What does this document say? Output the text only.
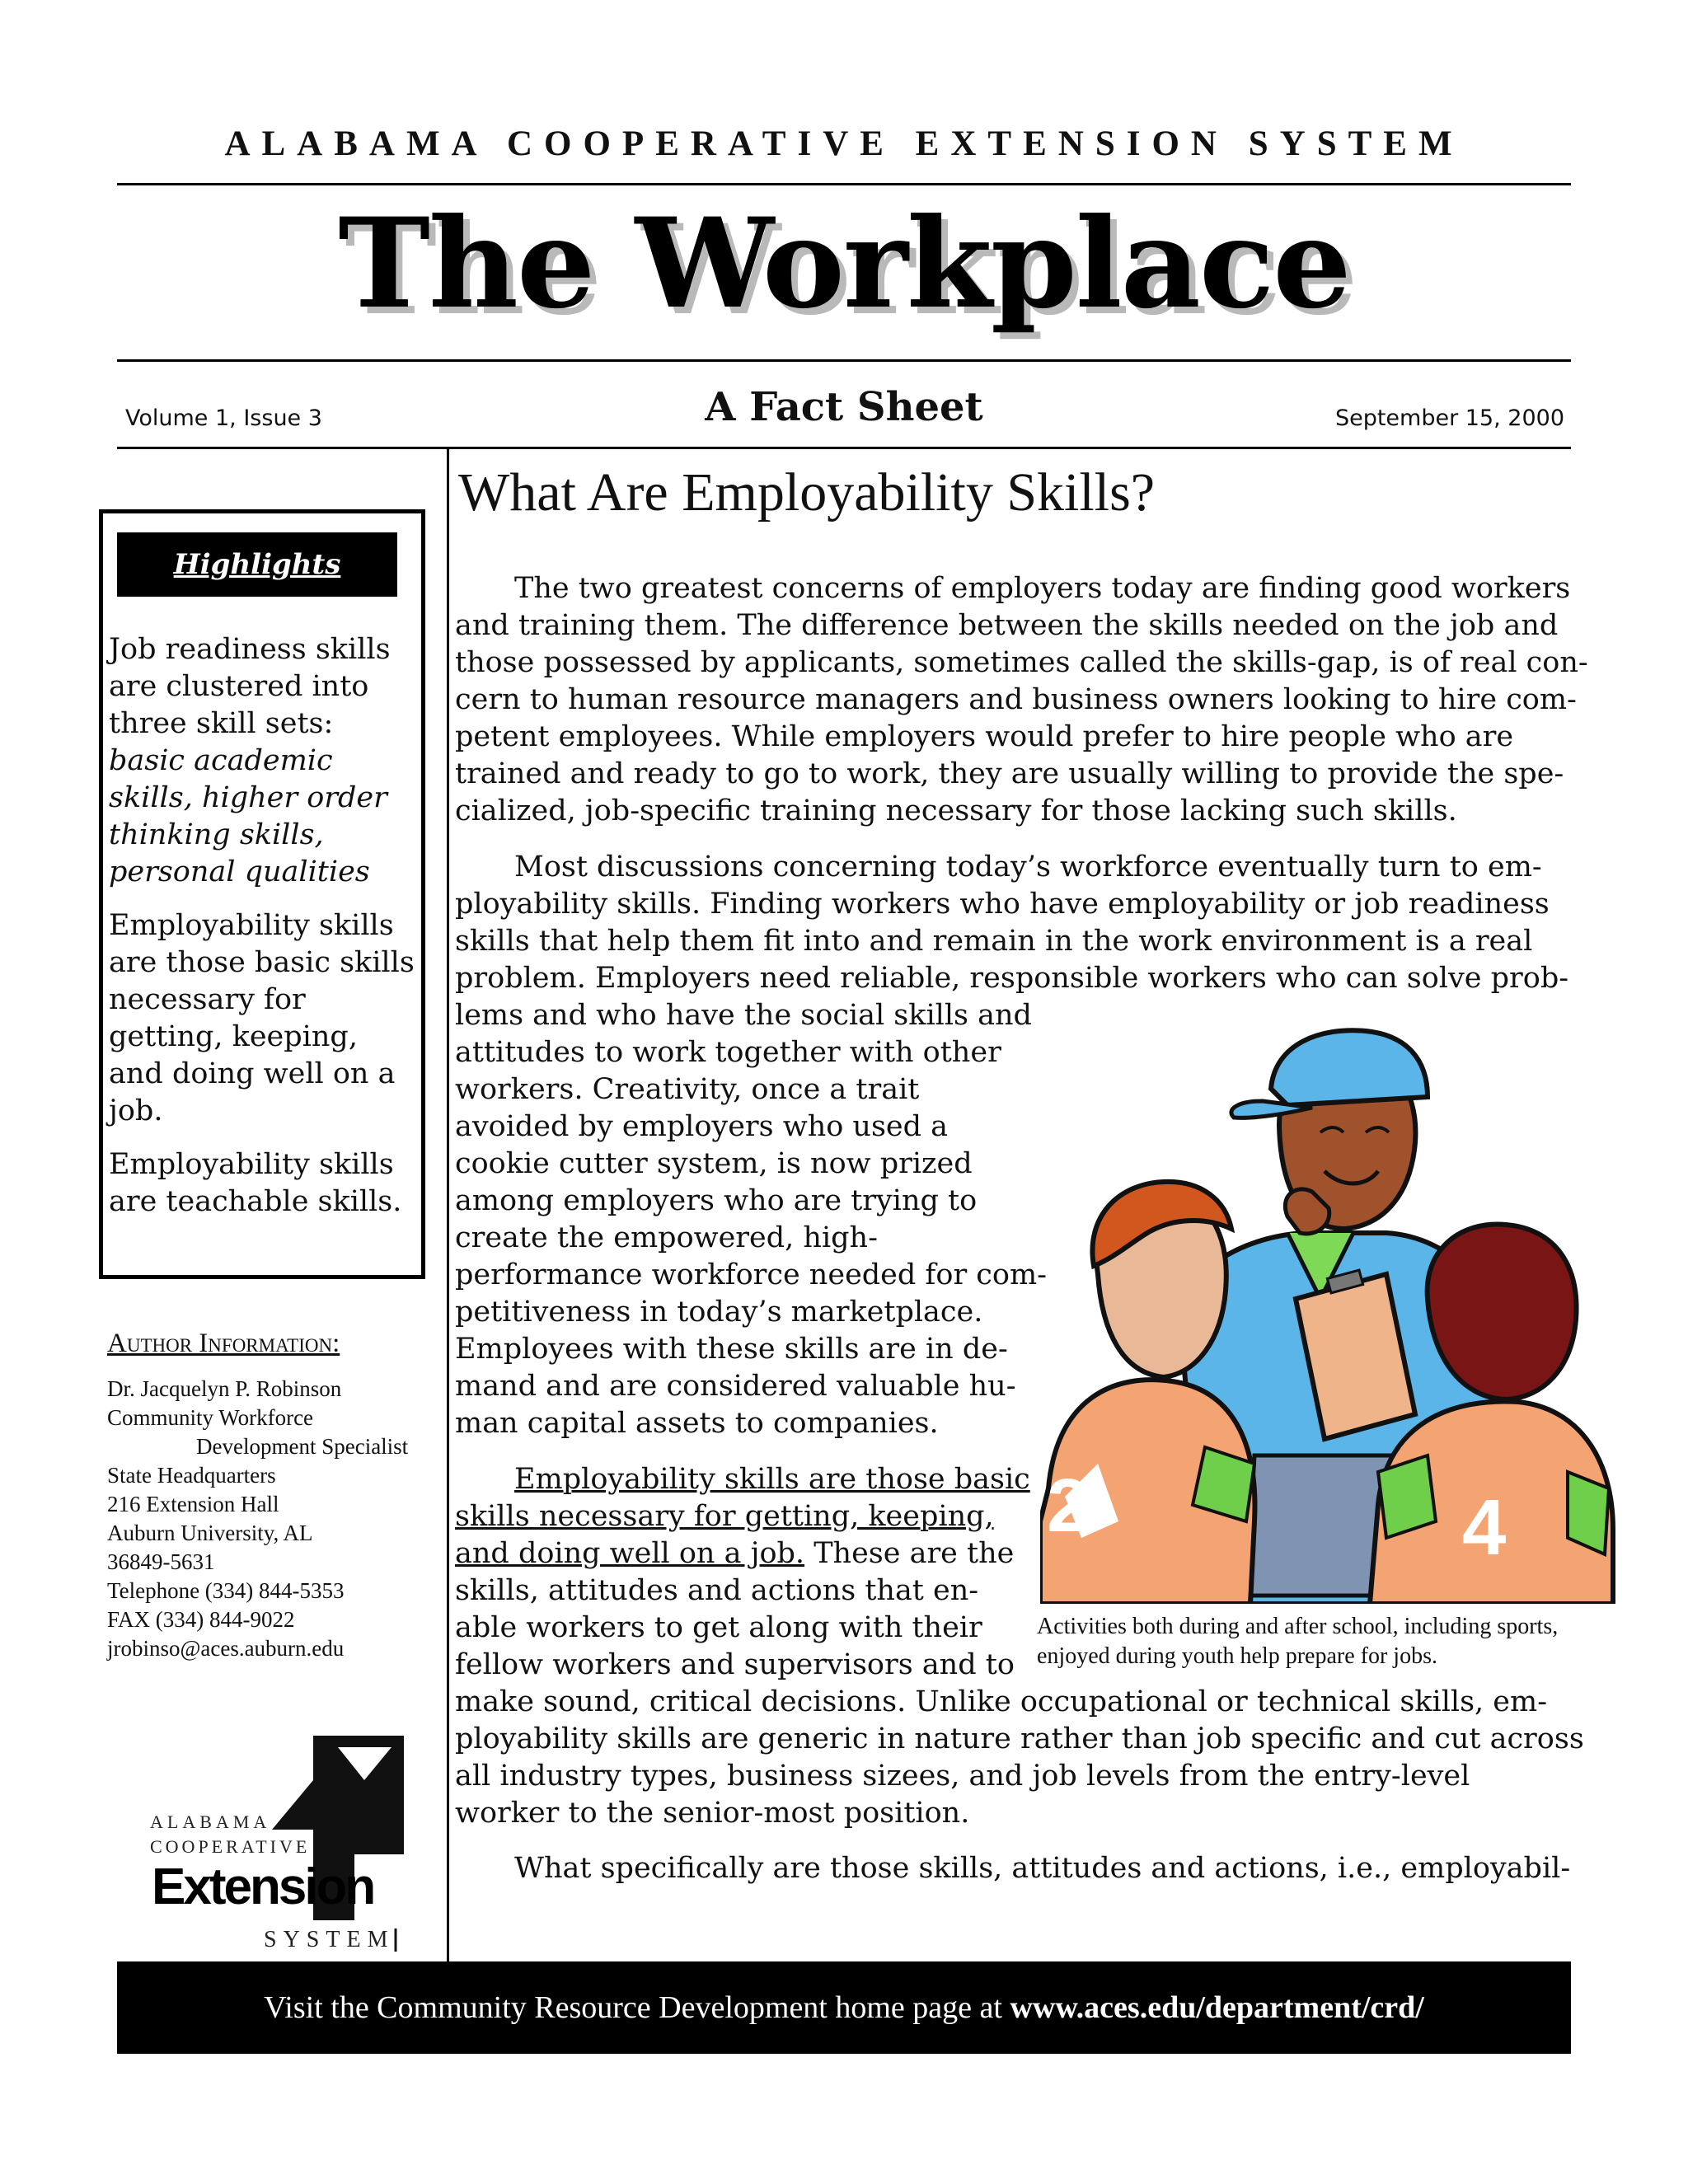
ALABAMA COOPERATIVE EXTENSION SYSTEM
The Workplace
Volume 1, Issue 3	A Fact Sheet	September 15, 2000
Highlights

Job readiness skills are clustered into three skill sets: basic academic skills, higher order thinking skills, personal qualities

Employability skills are those basic skills necessary for getting, keeping, and doing well on a job.

Employability skills are teachable skills.

Author Information:
Dr. Jacquelyn P. Robinson
Community Workforce
Development Specialist
State Headquarters
216 Extension Hall
Auburn University, AL
36849-5631
Telephone (334) 844-5353
FAX (334) 844-9022
jrobinso@aces.auburn.edu
ALABAMA
COOPERATIVE
Extension
SYSTEM
What Are Employability Skills?
The two greatest concerns of employers today are finding good workers
and training them. The difference between the skills needed on the job and
those possessed by applicants, sometimes called the skills-gap, is of real con-
cern to human resource managers and business owners looking to hire com-
petent employees. While employers would prefer to hire people who are
trained and ready to go to work, they are usually willing to provide the spe-
cialized, job-specific training necessary for those lacking such skills.
Most discussions concerning today’s workforce eventually turn to em-
ployability skills. Finding workers who have employability or job readiness
skills that help them fit into and remain in the work environment is a real
problem. Employers need reliable, responsible workers who can solve prob-
lems and who have the social skills and
attitudes to work together with other
workers. Creativity, once a trait
avoided by employers who used a
cookie cutter system, is now prized
among employers who are trying to
create the empowered, high-
performance workforce needed for com-
petitiveness in today’s marketplace.
Employees with these skills are in de-
mand and are considered valuable hu-
man capital assets to companies.
Employability skills are those basic
skills necessary for getting, keeping,
and doing well on a job. These are the
skills, attitudes and actions that en-
able workers to get along with their
fellow workers and supervisors and to
make sound, critical decisions. Unlike occupational or technical skills, em-
ployability skills are generic in nature rather than job specific and cut across
all industry types, business sizees, and job levels from the entry-level
worker to the senior-most position.
What specifically are those skills, attitudes and actions, i.e., employabil-
2	4
Activities both during and after school, including sports, enjoyed during youth help prepare for jobs.
Visit the Community Resource Development home page at www.aces.edu/department/crd/
